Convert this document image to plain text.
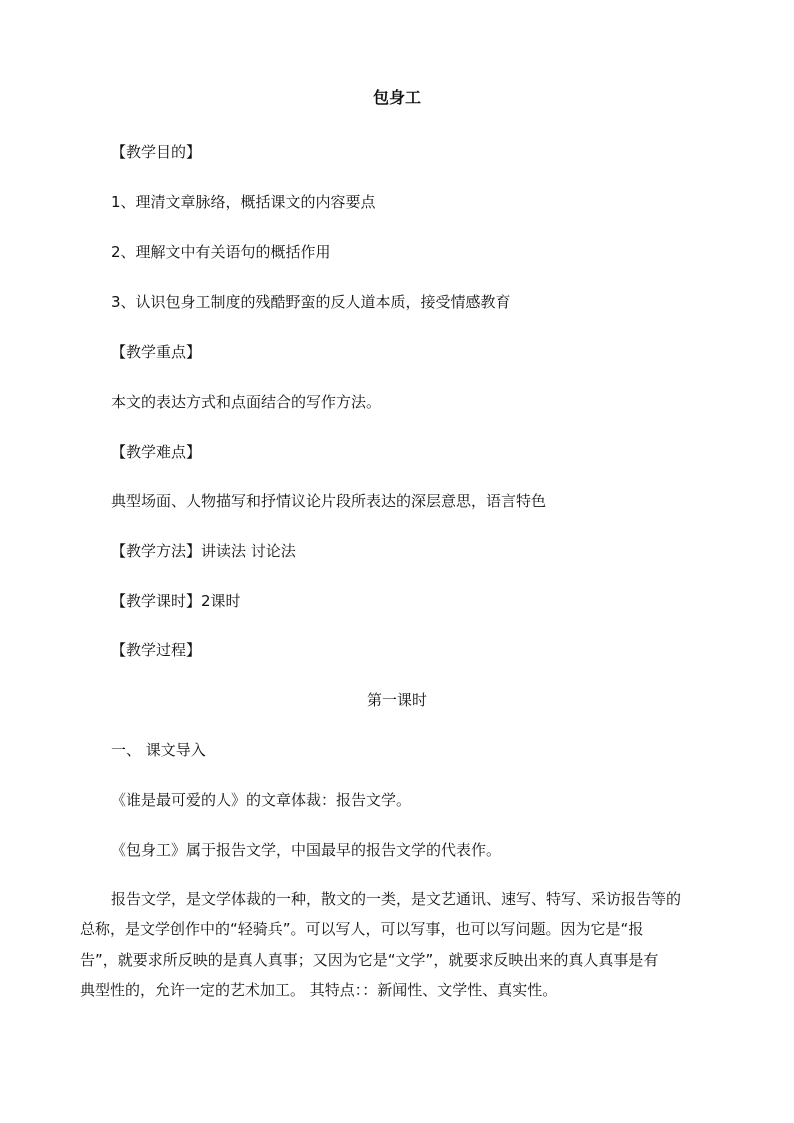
包身工
【教学目的】
1、理清文章脉络，概括课文的内容要点
2、理解文中有关语句的概括作用
3、认识包身工制度的残酷野蛮的反人道本质，接受情感教育
【教学重点】
本文的表达方式和点面结合的写作方法。
【教学难点】
典型场面、人物描写和抒情议论片段所表达的深层意思，语言特色
【教学方法】讲读法 讨论法
【教学课时】2课时
【教学过程】
第一课时
一、 课文导入
《谁是最可爱的人》的文章体裁：报告文学。
《包身工》属于报告文学，中国最早的报告文学的代表作。
报告文学，是文学体裁的一种，散文的一类，是文艺通讯、速写、特写、采访报告等的
总称，是文学创作中的“轻骑兵”。可以写人，可以写事，也可以写问题。因为它是“报
告”，就要求所反映的是真人真事；又因为它是“文学”，就要求反映出来的真人真事是有
典型性的，允许一定的艺术加工。 其特点：：新闻性、文学性、真实性。
